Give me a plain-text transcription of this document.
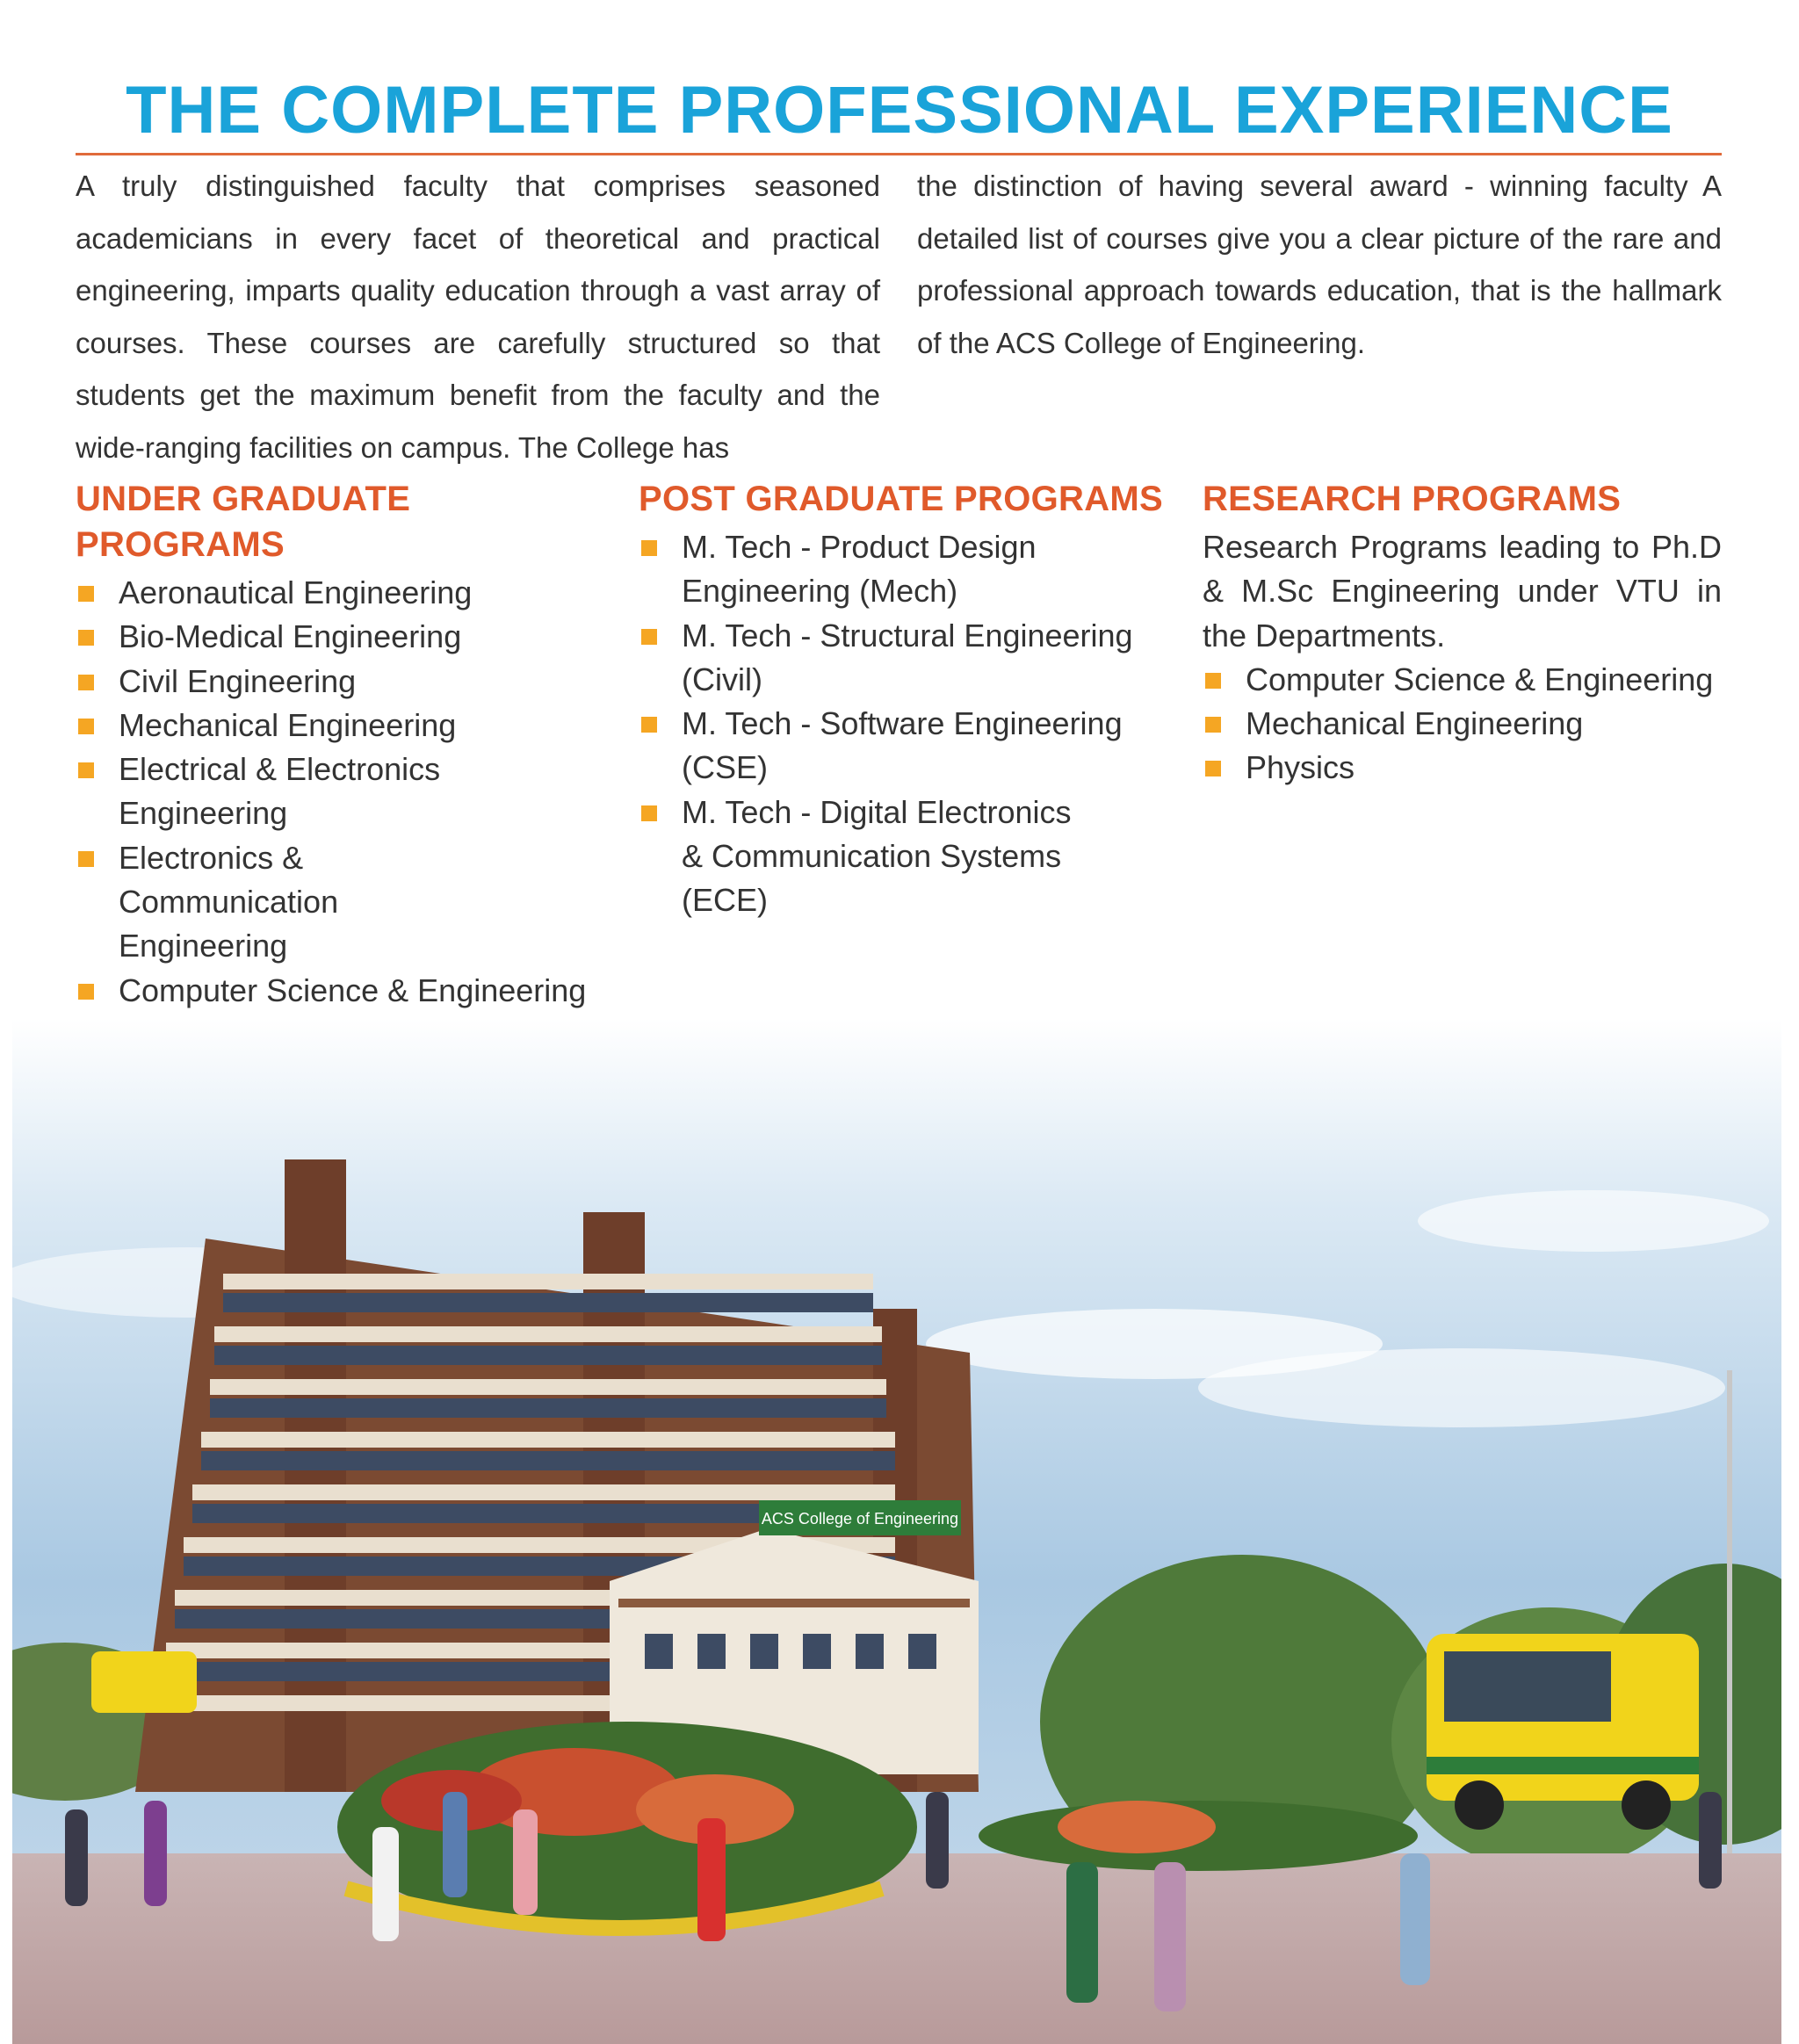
THE COMPLETE PROFESSIONAL EXPERIENCE

A truly distinguished faculty that comprises seasoned academicians in every facet of theoretical and practical engineering, imparts quality education through a vast array of courses. These courses are carefully structured so that students get the maximum benefit from the faculty and the wide-ranging facilities on campus. The College has

the distinction of having several award - winning faculty A detailed list of courses give you a clear picture of the rare and professional approach towards education, that is the hallmark of the ACS College of Engineering.

UNDER GRADUATE PROGRAMS
Aeronautical Engineering
Bio-Medical Engineering
Civil Engineering
Mechanical Engineering
Electrical & Electronics Engineering
Electronics & Communication Engineering
Computer Science & Engineering
POST GRADUATE PROGRAMS
M. Tech - Product Design Engineering (Mech)
M. Tech - Structural Engineering (Civil)
M. Tech - Software Engineering (CSE)
M. Tech - Digital Electronics & Communication Systems (ECE)
RESEARCH PROGRAMS

Research Programs leading to Ph.D & M.Sc Engineering under VTU in the Departments.

Computer Science & Engineering
Mechanical Engineering
Physics
ACS College of Engineering
